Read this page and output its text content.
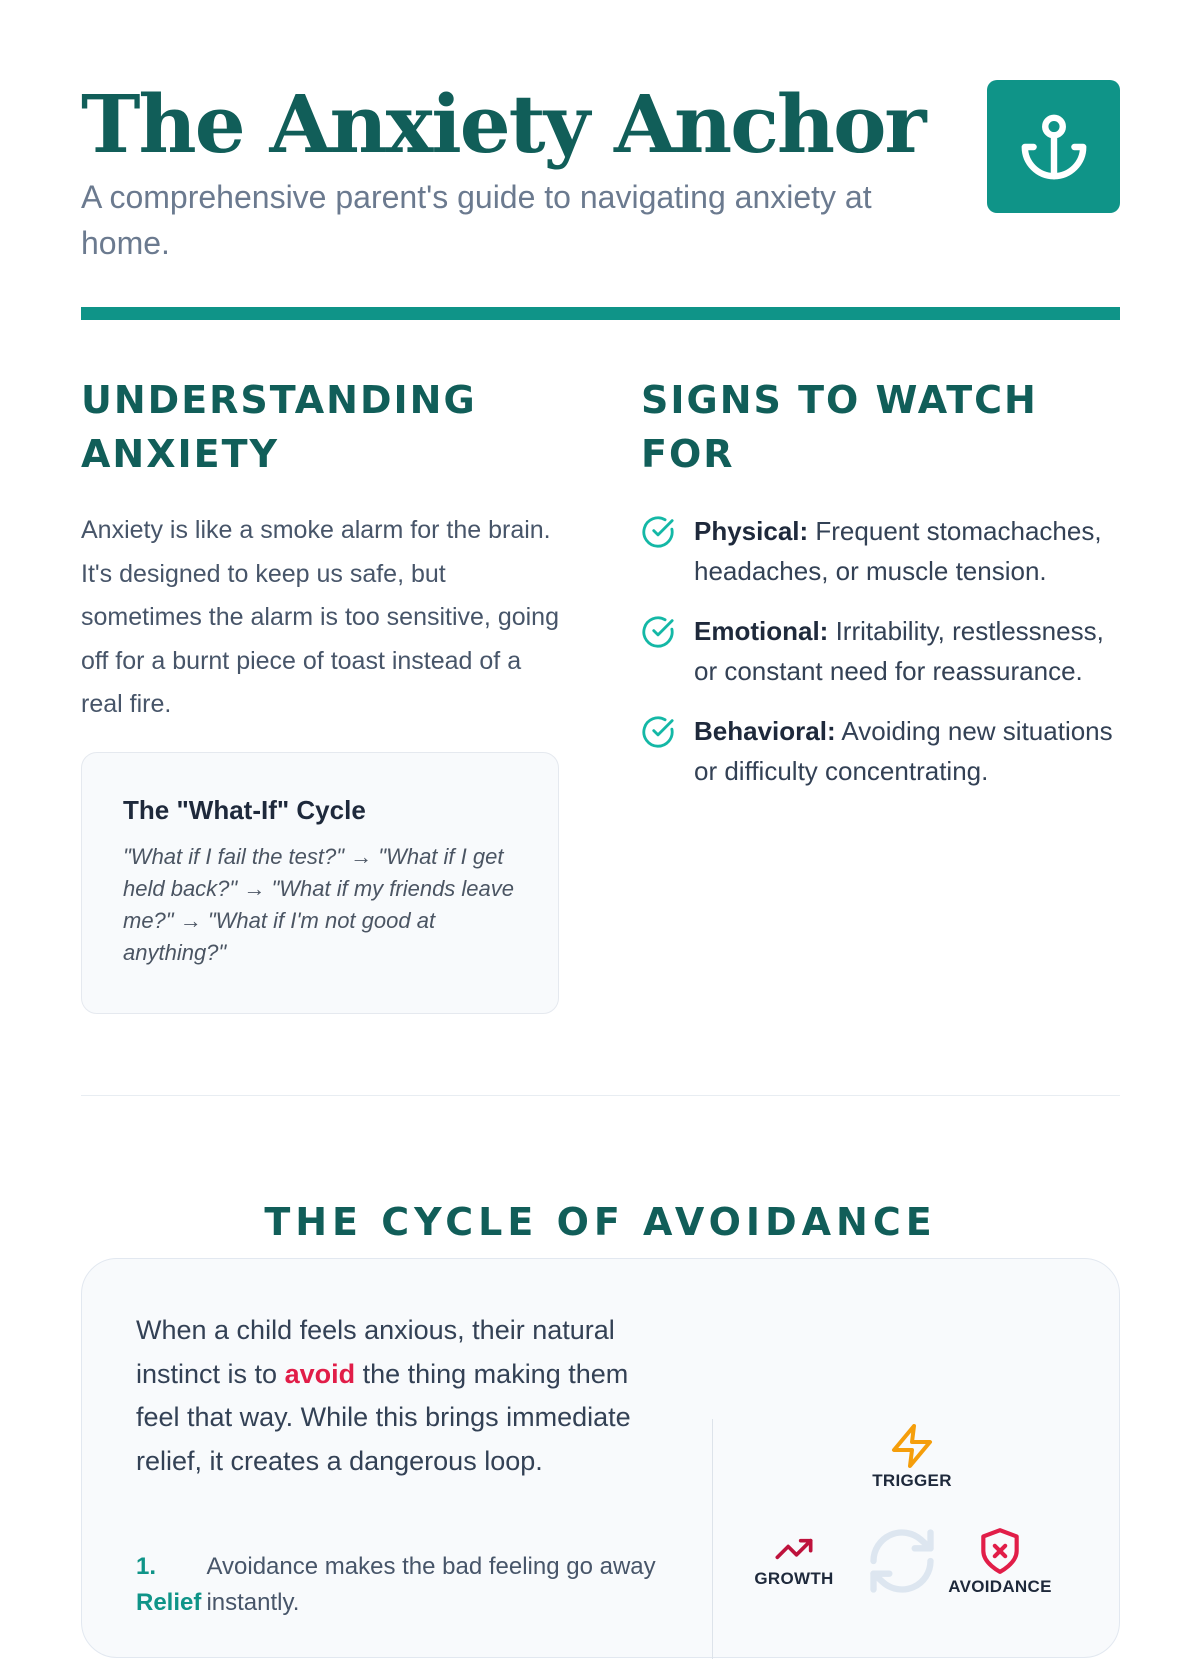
The Anxiety Anchor
A comprehensive parent's guide to navigating anxiety at home.
UNDERSTANDING ANXIETY

Anxiety is like a smoke alarm for the brain. It's designed to keep us safe, but sometimes the alarm is too sensitive, going off for a burnt piece of toast instead of a real fire.

The "What-If" Cycle
"What if I fail the test?" → "What if I get held back?" → "What if my friends leave me?" → "What if I'm not good at anything?"
SIGNS TO WATCH FOR
Physical: Frequent stomachaches, headaches, or muscle tension.
Emotional: Irritability, restlessness, or constant need for reassurance.
Behavioral: Avoiding new situations or difficulty concentrating.
THE CYCLE OF AVOIDANCE

When a child feels anxious, their natural instinct is to avoid the thing making them feel that way. While this brings immediate relief, it creates a dangerous loop.

1.
Relief
Avoidance makes the bad feeling go away instantly.
TRIGGER
GROWTH	AVOIDANCE
